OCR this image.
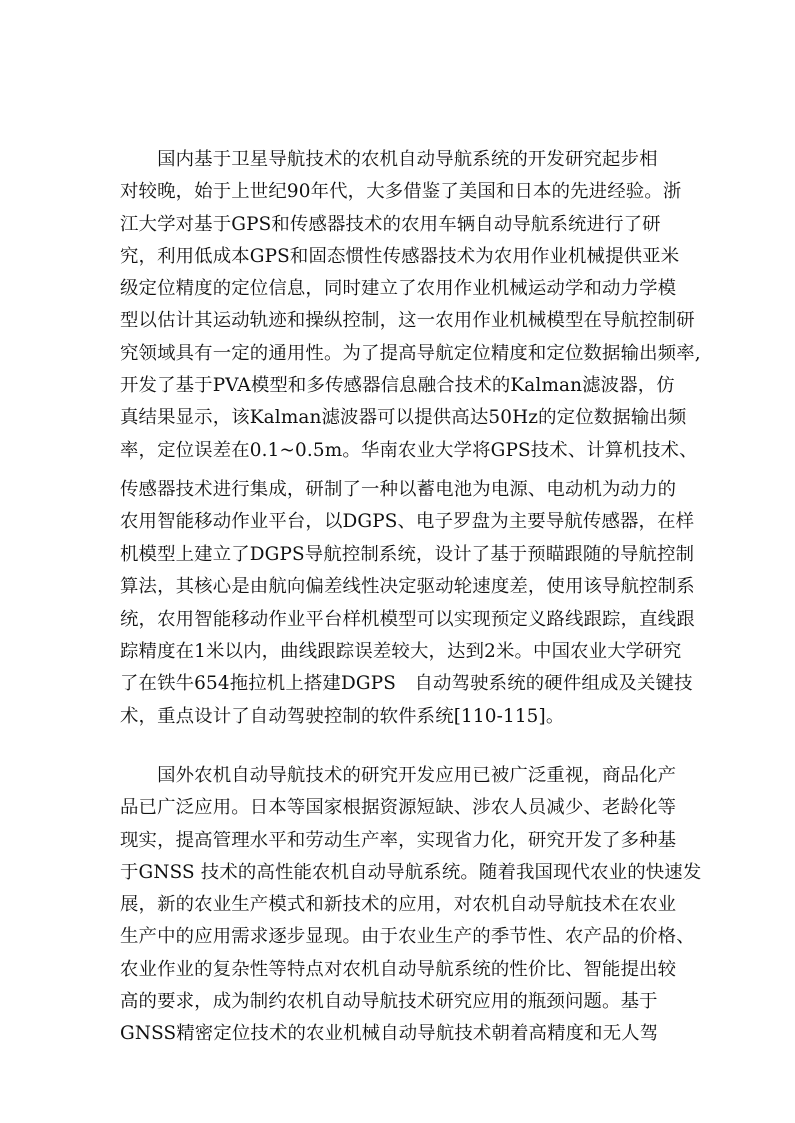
　　国内基于卫星导航技术的农机自动导航系统的开发研究起步相
对较晚，始于上世纪90年代，大多借鉴了美国和日本的先进经验。浙
江大学对基于GPS和传感器技术的农用车辆自动导航系统进行了研
究，利用低成本GPS和固态惯性传感器技术为农用作业机械提供亚米
级定位精度的定位信息，同时建立了农用作业机械运动学和动力学模
型以估计其运动轨迹和操纵控制，这一农用作业机械模型在导航控制研
究领域具有一定的通用性。为了提高导航定位精度和定位数据输出频率,
开发了基于PVA模型和多传感器信息融合技术的Kalman滤波器，仿
真结果显示，该Kalman滤波器可以提供高达50Hz的定位数据输出频
率，定位误差在0.1~0.5m。华南农业大学将GPS技术、计算机技术、

传感器技术进行集成，研制了一种以蓄电池为电源、电动机为动力的
农用智能移动作业平台，以DGPS、电子罗盘为主要导航传感器，在样
机模型上建立了DGPS导航控制系统，设计了基于预瞄跟随的导航控制
算法，其核心是由航向偏差线性决定驱动轮速度差，使用该导航控制系
统，农用智能移动作业平台样机模型可以实现预定义路线跟踪，直线跟
踪精度在1米以内，曲线跟踪误差较大，达到2米。中国农业大学研究
了在铁牛654拖拉机上搭建DGPS　自动驾驶系统的硬件组成及关键技
术，重点设计了自动驾驶控制的软件系统[110-115]。

　　国外农机自动导航技术的研究开发应用已被广泛重视，商品化产
品已广泛应用。日本等国家根据资源短缺、涉农人员减少、老龄化等
现实，提高管理水平和劳动生产率，实现省力化，研究开发了多种基
于GNSS 技术的高性能农机自动导航系统。随着我国现代农业的快速发
展，新的农业生产模式和新技术的应用，对农机自动导航技术在农业
生产中的应用需求逐步显现。由于农业生产的季节性、农产品的价格、
农业作业的复杂性等特点对农机自动导航系统的性价比、智能提出较
高的要求，成为制约农机自动导航技术研究应用的瓶颈问题。基于
GNSS精密定位技术的农业机械自动导航技术朝着高精度和无人驾
